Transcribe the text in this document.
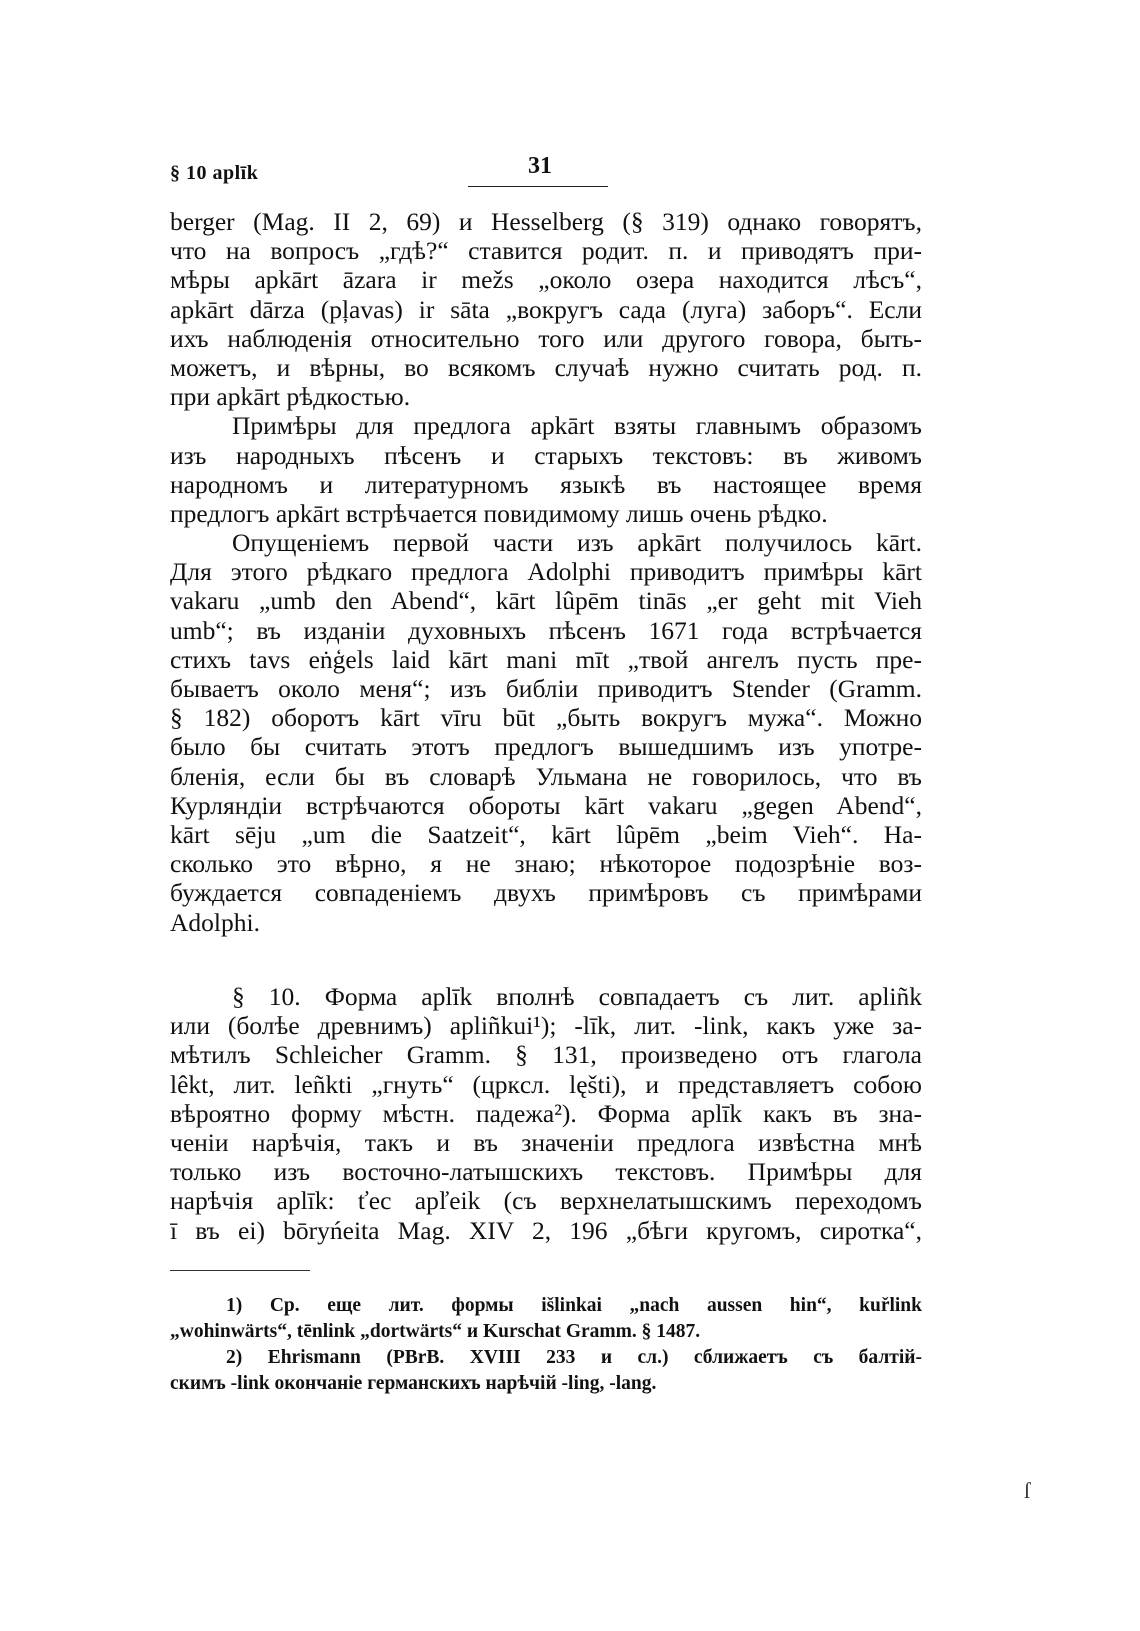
§ 10 aplīk	31
berger (Mag. II 2, 69) и Hesselberg (§ 319) однако говорятъ,
что на вопросъ „гдѣ?“ ставится родит. п. и приводятъ при-
мѣры apkārt āzara ir mežs „около озера находится лѣсъ“,
apkārt dārza (pļavas) ir sāta „вокругъ сада (луга) заборъ“. Если
ихъ наблюденія относительно того или другого говора, быть-
можетъ, и вѣрны, во всякомъ случаѣ нужно считать род. п.
при apkārt рѣдкостью.
Примѣры для предлога apkārt взяты главнымъ образомъ
изъ народныхъ пѣсенъ и старыхъ текстовъ: въ живомъ
народномъ и литературномъ языкѣ въ настоящее время
предлогъ apkārt встрѣчается повидимому лишь очень рѣдко.
Опущеніемъ первой части изъ apkārt получилось kārt.
Для этого рѣдкаго предлога Adolphi приводитъ примѣры kārt
vakaru „umb den Abend“, kārt lûpēm tinās „er geht mit Vieh
umb“; въ изданіи духовныхъ пѣсенъ 1671 года встрѣчается
стихъ tavs eṅģels laid kārt mani mīt „твой ангелъ пусть пре-
бываетъ около меня“; изъ библіи приводитъ Stender (Gramm.
§ 182) оборотъ kārt vīru būt „быть вокругъ мужа“. Можно
было бы считать этотъ предлогъ вышедшимъ изъ употре-
бленія, если бы въ словарѣ Ульмана не говорилось, что въ
Курляндіи встрѣчаются обороты kārt vakaru „gegen Abend“,
kārt sēju „um die Saatzeit“, kārt lûpēm „beim Vieh“. На-
сколько это вѣрно, я не знаю; нѣкоторое подозрѣніе воз-
буждается совпаденіемъ двухъ примѣровъ съ примѣрами
Adolphi.
§ 10. Форма aplīk вполнѣ совпадаетъ съ лит. apliñk
или (болѣе древнимъ) apliñkui¹); -līk, лит. -link, какъ уже за-
мѣтилъ Schleicher Gramm. § 131, произведено отъ глагола
lêkt, лит. leñkti „гнуть“ (цркcл. lęšti), и представляетъ собою
вѣроятно форму мѣстн. падежа²). Форма aplīk какъ въ зна-
ченіи нарѣчія, такъ и въ значеніи предлога извѣстна мнѣ
только изъ восточно-латышскихъ текстовъ. Примѣры для
нарѣчія aplīk: ťec apľeik (съ верхнелатышскимъ переходомъ
ī въ ei) bōryńeita Mag. XIV 2, 196 „бѣги кругомъ, сиротка“,
1) Ср. еще лит. формы išlinkai „nach aussen hin“, kuřlink
„wohinwärts“, tēnlink „dortwärts“ и Kurschat Gramm. § 1487.
2) Ehrismann (PBrB. XVIII 233 и сл.) сближаетъ съ балтій-
скимъ -link окончаніе германскихъ нарѣчій -ling, -lang.
ſ
